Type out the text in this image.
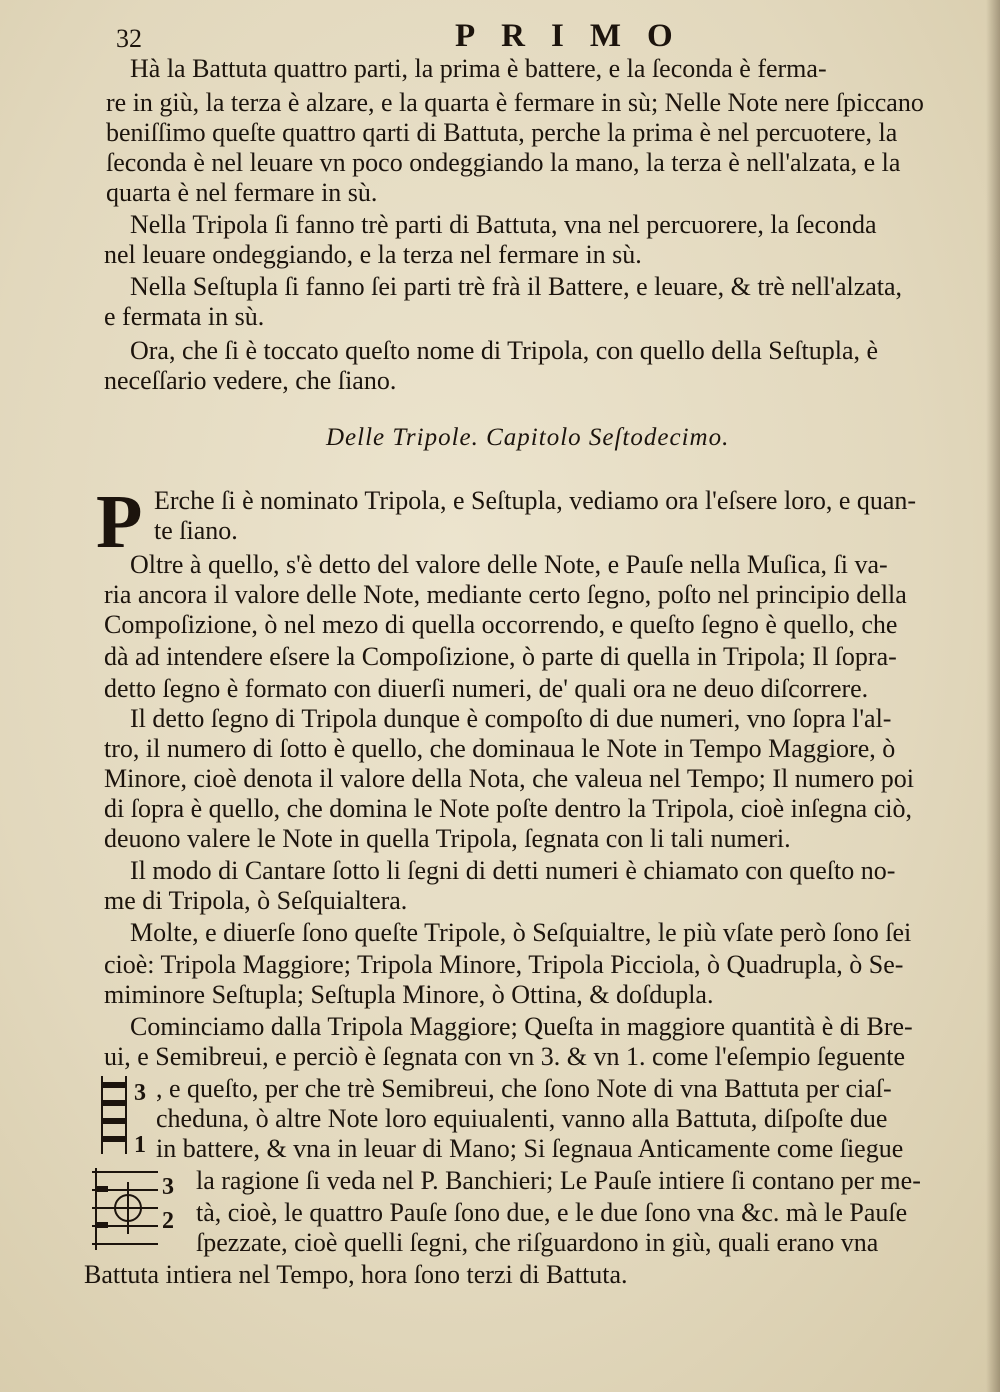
32	PRIMO
Hà la Battuta quattro parti, la prima è battere, e la ſeconda è ferma-
re in giù, la terza è alzare, e la quarta è fermare in sù; Nelle Note nere ſpiccano
beniſſimo queſte quattro qarti di Battuta, perche la prima è nel percuotere, la
ſeconda è nel leuare vn poco ondeggiando la mano, la terza è nell'alzata, e la
quarta è nel fermare in sù.
Nella Tripola ſi fanno trè parti di Battuta, vna nel percuorere, la ſeconda
nel leuare ondeggiando, e la terza nel fermare in sù.
Nella Seſtupla ſi fanno ſei parti trè frà il Battere, e leuare, & trè nell'alzata,
e fermata in sù.
Ora, che ſi è toccato queſto nome di Tripola, con quello della Seſtupla, è
neceſſario vedere, che ſiano.
Delle Tripole. Capitolo Seſtodecimo.
P Erche ſi è nominato Tripola, e Seſtupla, vediamo ora l'eſsere loro, e quan-
te ſiano.
Oltre à quello, s'è detto del valore delle Note, e Pauſe nella Muſica, ſi va-
ria ancora il valore delle Note, mediante certo ſegno, poſto nel principio della
Compoſizione, ò nel mezo di quella occorrendo, e queſto ſegno è quello, che
dà ad intendere eſsere la Compoſizione, ò parte di quella in Tripola; Il ſopra-
detto ſegno è formato con diuerſi numeri, de' quali ora ne deuo diſcorrere.
Il detto ſegno di Tripola dunque è compoſto di due numeri, vno ſopra l'al-
tro, il numero di ſotto è quello, che dominaua le Note in Tempo Maggiore, ò
Minore, cioè denota il valore della Nota, che valeua nel Tempo; Il numero poi
di ſopra è quello, che domina le Note poſte dentro la Tripola, cioè inſegna ciò,
deuono valere le Note in quella Tripola, ſegnata con li tali numeri.
Il modo di Cantare ſotto li ſegni di detti numeri è chiamato con queſto no-
me di Tripola, ò Seſquialtera.
Molte, e diuerſe ſono queſte Tripole, ò Seſquialtre, le più vſate però ſono ſei
cioè: Tripola Maggiore; Tripola Minore, Tripola Picciola, ò Quadrupla, ò Se-
miminore Seſtupla; Seſtupla Minore, ò Ottina, & doſdupla.
Cominciamo dalla Tripola Maggiore; Queſta in maggiore quantità è di Bre-
ui, e Semibreui, e perciò è ſegnata con vn 3. & vn 1. come l'eſempio ſeguente
, e queſto, per che trè Semibreui, che ſono Note di vna Battuta per ciaſ-
cheduna, ò altre Note loro equiualenti, vanno alla Battuta, diſpoſte due
in battere, & vna in leuar di Mano; Si ſegnaua Anticamente come ſiegue
la ragione ſi veda nel P. Banchieri; Le Pauſe intiere ſi contano per me-
tà, cioè, le quattro Pauſe ſono due, e le due ſono vna &c. mà le Pauſe
ſpezzate, cioè quelli ſegni, che riſguardono in giù, quali erano vna
Battuta intiera nel Tempo, hora ſono terzi di Battuta.
3
1
3
2
